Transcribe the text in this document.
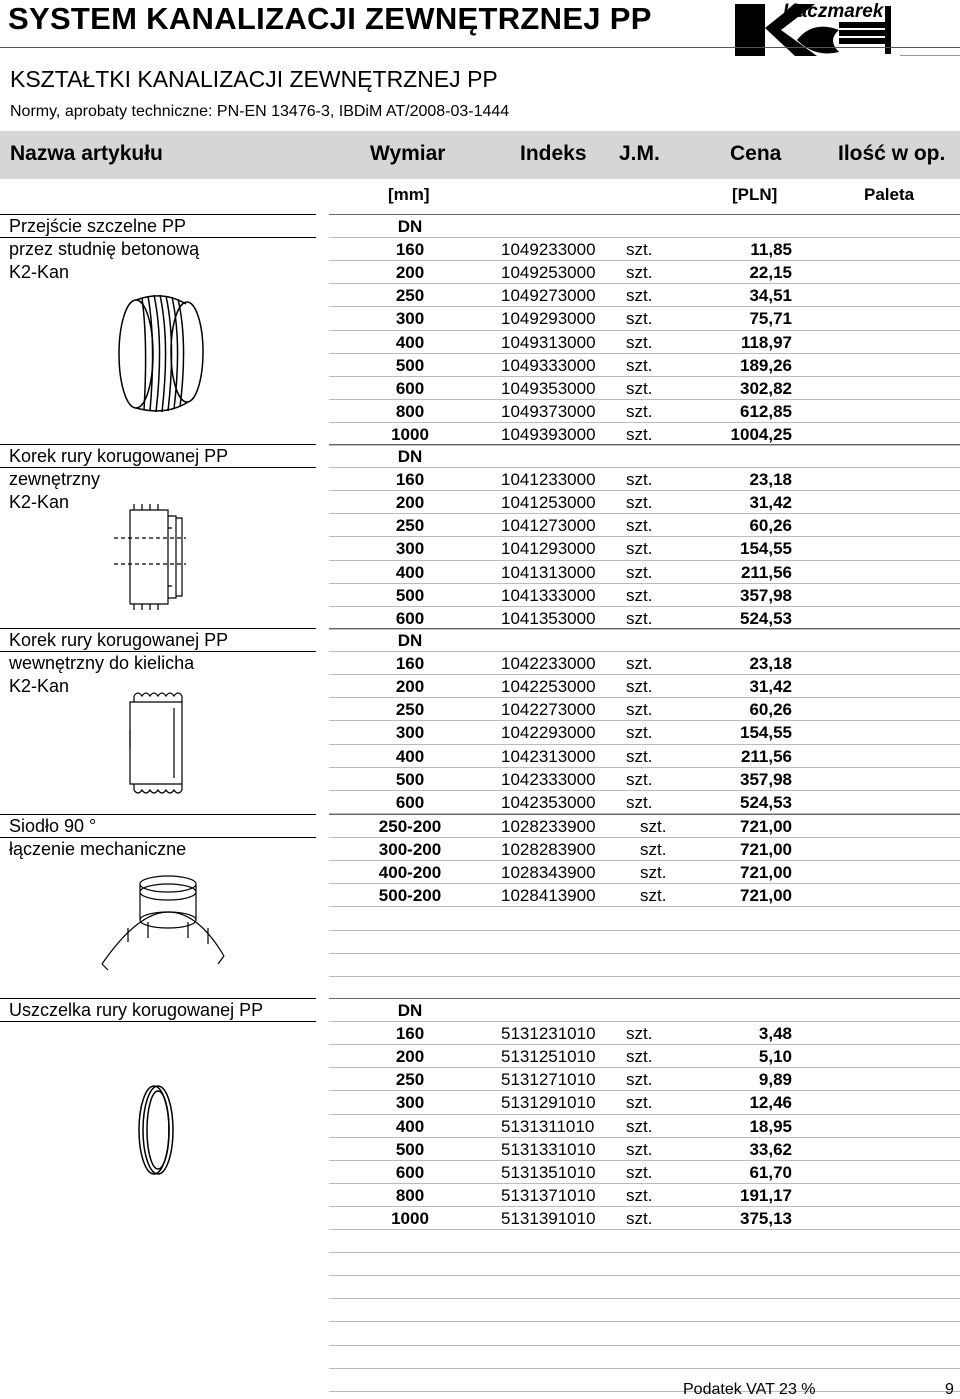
SYSTEM KANALIZACJI ZEWNĘTRZNEJ PP	Kaczmarek
KSZTAŁTKI KANALIZACJI ZEWNĘTRZNEJ PP
Normy, aprobaty techniczne: PN-EN 13476-3, IBDiM AT/2008-03-1444
Nazwa artykułu	Wymiar	Indeks J.M.	Cena	Ilość w op.
[mm]	[PLN]	Paleta
Przejście szczelne PP
przez studnię betonową
K2-Kan
DN
160	1049233000 szt.	11,85
200	1049253000 szt.	22,15
250	1049273000 szt.	34,51
300	1049293000 szt.	75,71
400	1049313000 szt.	118,97
500	1049333000 szt.	189,26
600	1049353000 szt.	302,82
800	1049373000 szt.	612,85
1000	1049393000 szt.	1004,25
Korek rury korugowanej PP
zewnętrzny
K2-Kan
DN
160	1041233000 szt.	23,18
200	1041253000 szt.	31,42
250	1041273000 szt.	60,26
300	1041293000 szt.	154,55
400	1041313000 szt.	211,56
500	1041333000 szt.	357,98
600	1041353000 szt.	524,53
Korek rury korugowanej PP
wewnętrzny do kielicha
K2-Kan
DN
160	1042233000 szt.	23,18
200	1042253000 szt.	31,42
250	1042273000 szt.	60,26
300	1042293000 szt.	154,55
400	1042313000 szt.	211,56
500	1042333000 szt.	357,98
600	1042353000 szt.	524,53
Siodło 90 °
łączenie mechaniczne
250-200	1028233900	szt.	721,00
300-200	1028283900	szt.	721,00
400-200	1028343900	szt.	721,00
500-200	1028413900	szt.	721,00
Uszczelka rury korugowanej PP	DN
160	5131231010 szt.	3,48
200	5131251010 szt.	5,10
250	5131271010 szt.	9,89
300	5131291010 szt.	12,46
400	5131311010 szt.	18,95
500	5131331010 szt.	33,62
600	5131351010 szt.	61,70
800	5131371010 szt.	191,17
1000	5131391010 szt.	375,13
Podatek VAT 23 %	9
